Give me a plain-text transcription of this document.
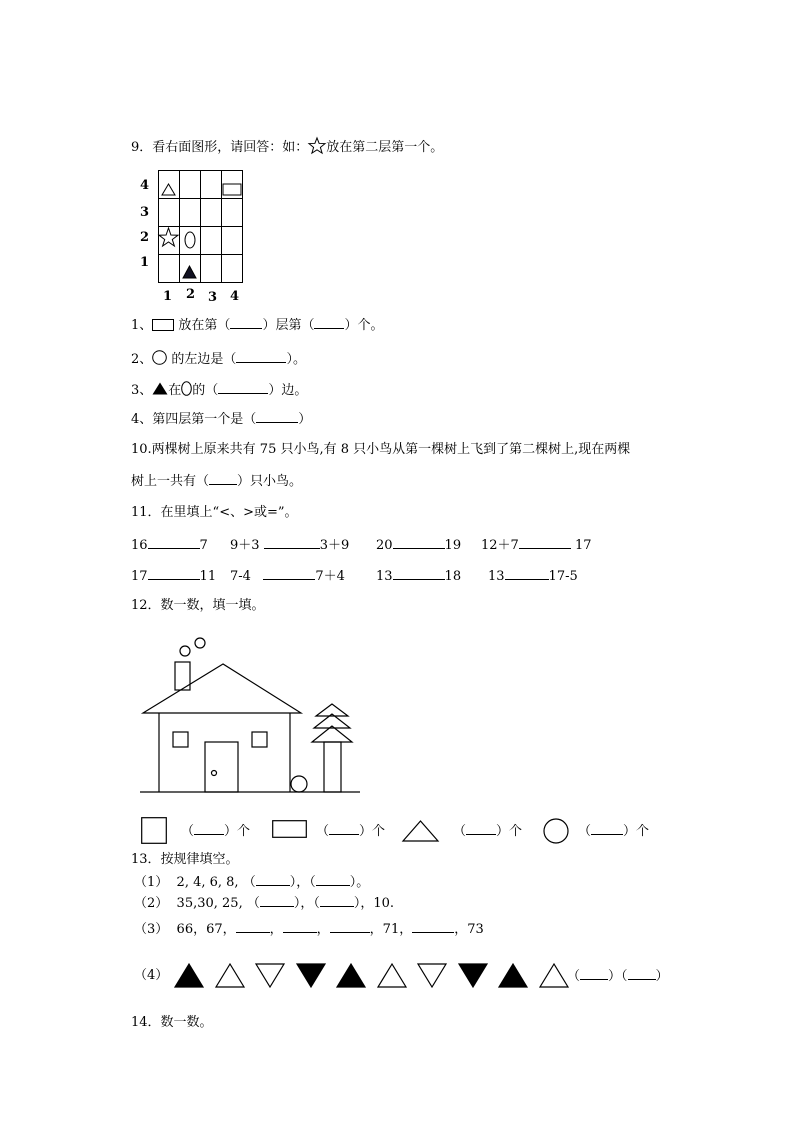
9．看右面图形，请回答：如： 放在第二层第一个。
4
3
2
1
1 2 3 4
1、 放在第（ ）层第（ ）个。
2、 的左边是（	）。
3、 在 的（	）边。
4、第四层第一个是（	）
10.两棵树上原来共有 75 只小鸟,有 8 只小鸟从第一棵树上飞到了第二棵树上,现在两棵
树上一共有（ ）只小鸟。
11．在里填上“<、>或=”。
16	7 9＋3	3＋9 20	19 12＋7	17
17	11 7-4	7＋4 13	18 13	17-5
12．数一数，填一填。
（ ）个	（ ）个	（ ）个	（ ）个
13．按规律填空。
（1） 2, 4, 6, 8, （	），（	）。
（2） 35,30, 25, （	），（	），10.
（3） 66，67，	，	，	，71，	，73
（4）	（ ）（ ）
14．数一数。
